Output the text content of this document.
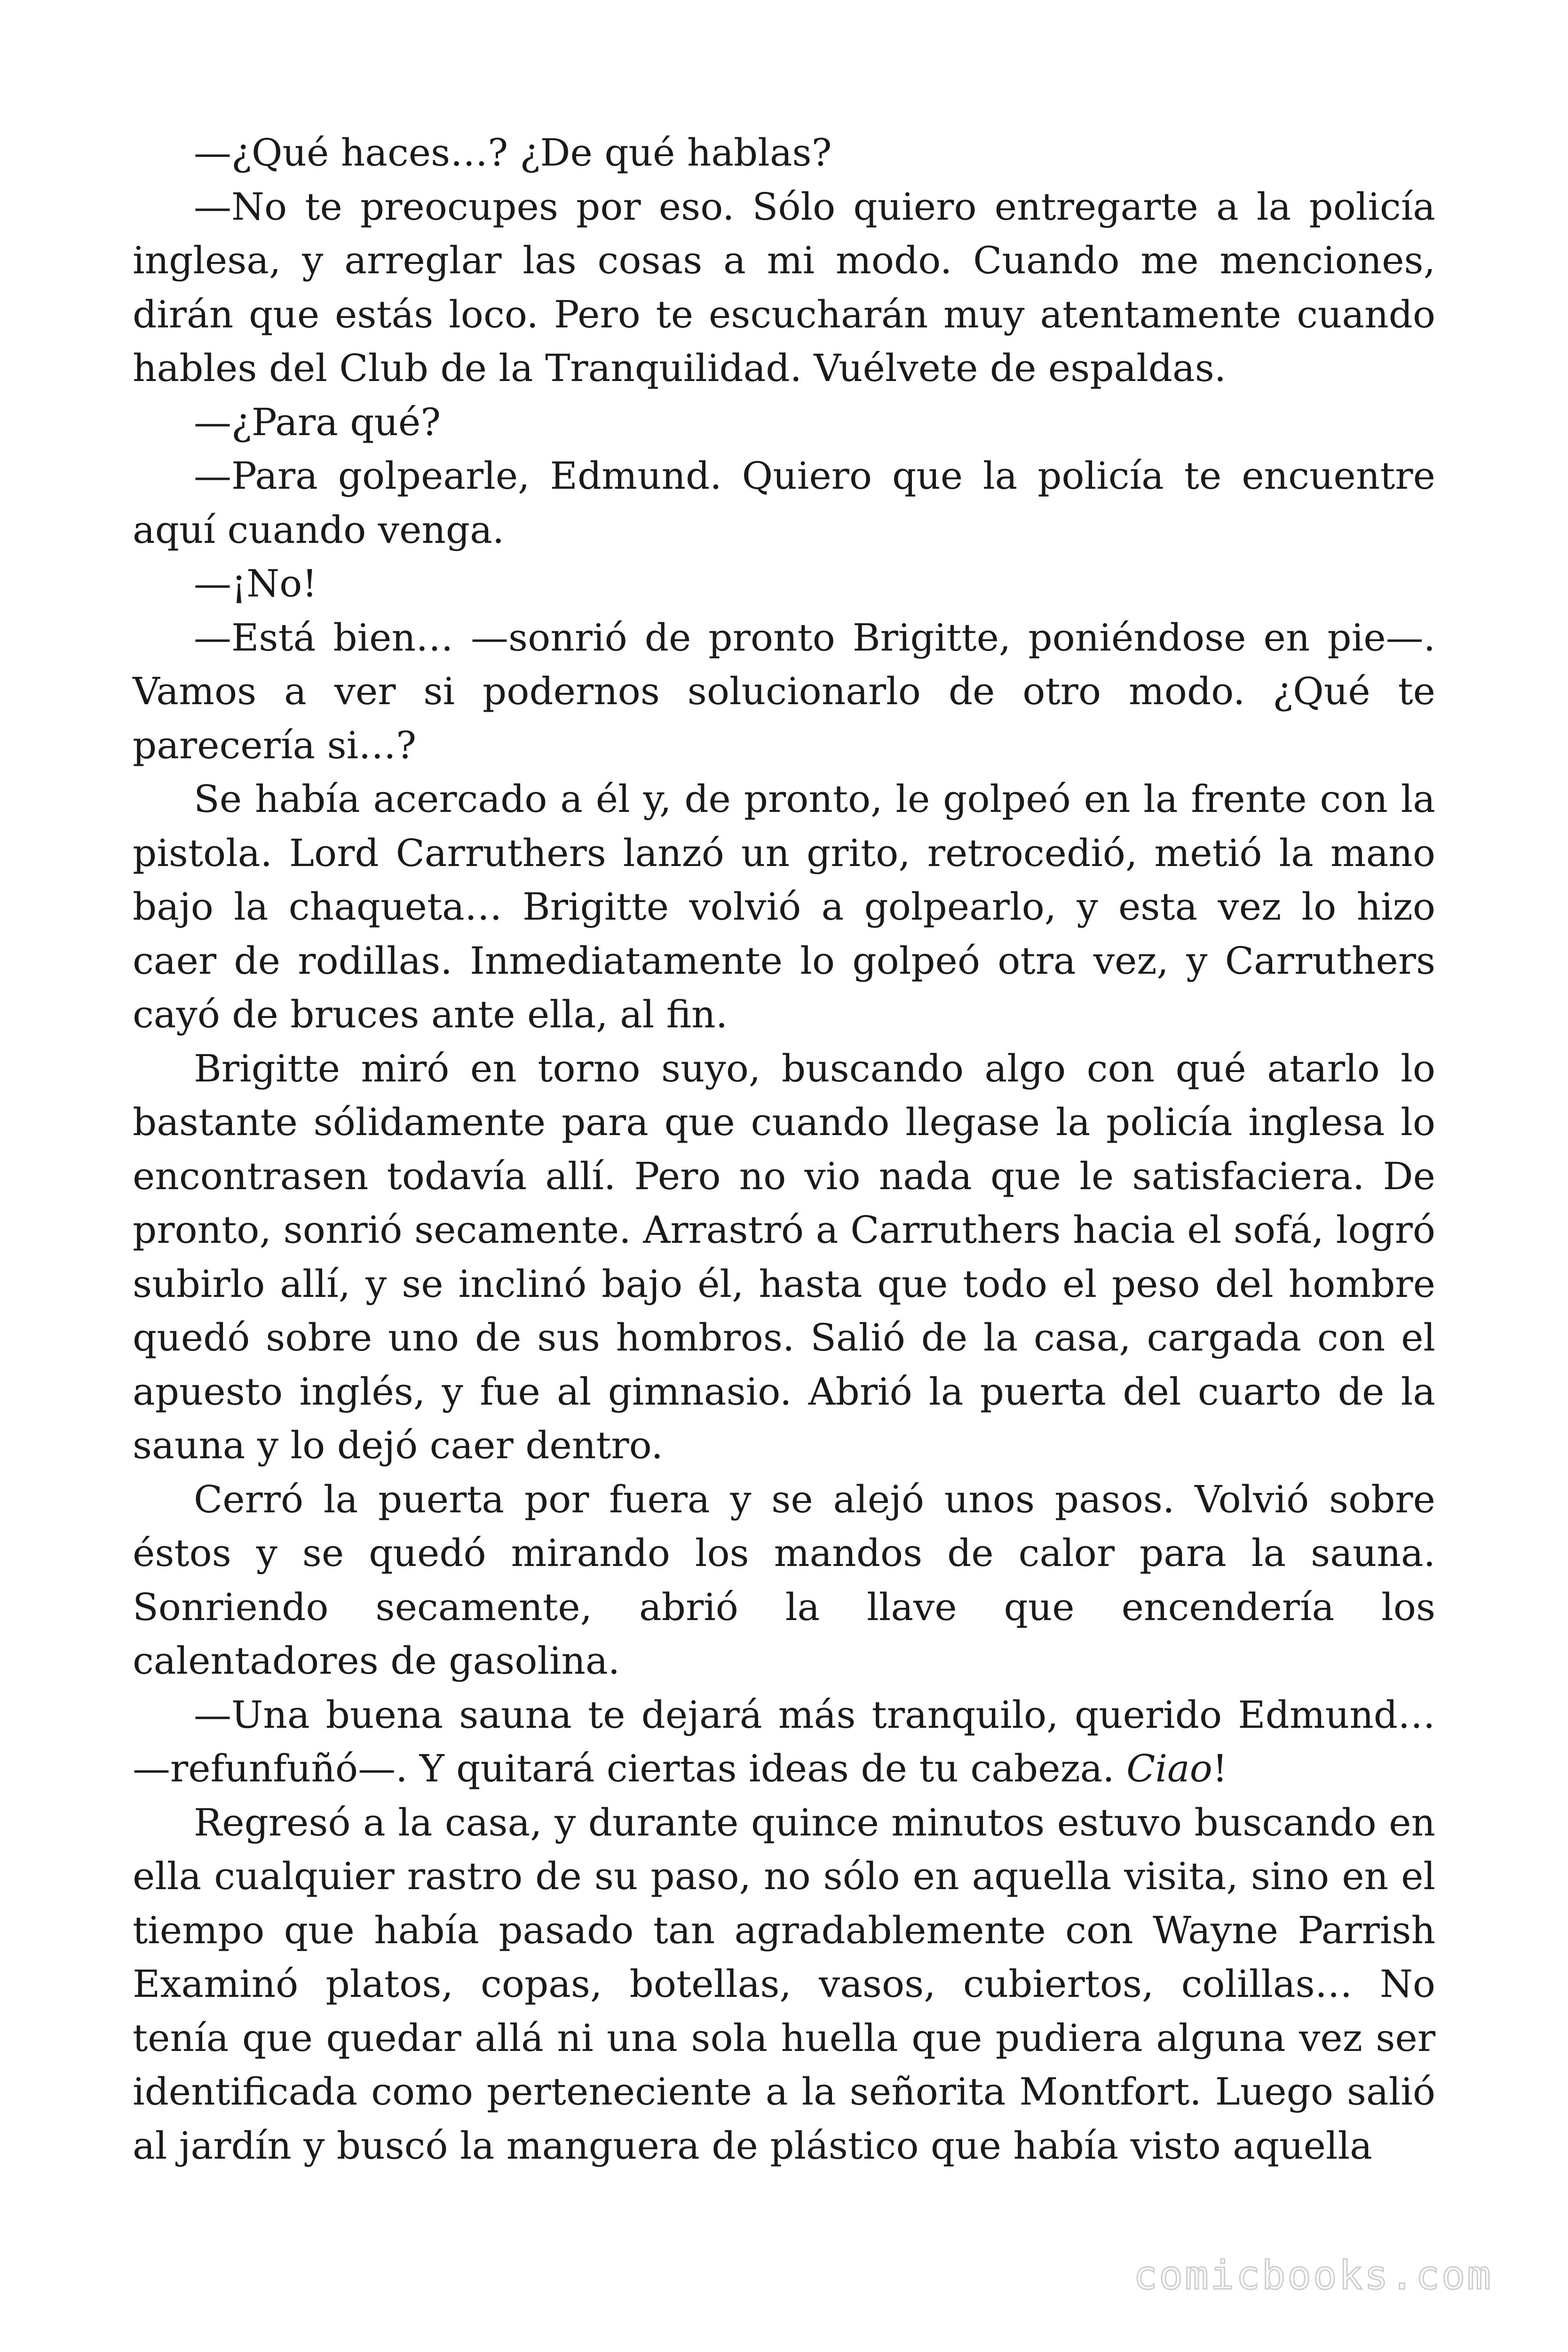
—¿Qué haces…? ¿De qué hablas?

—No te preocupes por eso. Sólo quiero entregarte a la policía inglesa, y arreglar las cosas a mi modo. Cuando me menciones, dirán que estás loco. Pero te escucharán muy atentamente cuando hables del Club de la Tranquilidad. Vuélvete de espaldas.

—¿Para qué?

—Para golpearle, Edmund. Quiero que la policía te encuentre aquí cuando venga.

—¡No!

—Está bien… —sonrió de pronto Brigitte, poniéndose en pie—. Vamos a ver si podernos solucionarlo de otro modo. ¿Qué te parecería si…?

Se había acercado a él y, de pronto, le golpeó en la frente con la pistola. Lord Carruthers lanzó un grito, retrocedió, metió la mano bajo la chaqueta… Brigitte volvió a golpearlo, y esta vez lo hizo caer de rodillas. Inmediatamente lo golpeó otra vez, y Carruthers cayó de bruces ante ella, al fin.

Brigitte miró en torno suyo, buscando algo con qué atarlo lo bastante sólidamente para que cuando llegase la policía inglesa lo encontrasen todavía allí. Pero no vio nada que le satisfaciera. De pronto, sonrió secamente. Arrastró a Carruthers hacia el sofá, logró subirlo allí, y se inclinó bajo él, hasta que todo el peso del hombre quedó sobre uno de sus hombros. Salió de la casa, cargada con el apuesto inglés, y fue al gimnasio. Abrió la puerta del cuarto de la sauna y lo dejó caer dentro.

Cerró la puerta por fuera y se alejó unos pasos. Volvió sobre éstos y se quedó mirando los mandos de calor para la sauna. Sonriendo secamente, abrió la llave que encendería los calentadores de gasolina.

—Una buena sauna te dejará más tranquilo, querido Edmund… —refunfuñó—. Y quitará ciertas ideas de tu cabeza. Ciao!

Regresó a la casa, y durante quince minutos estuvo buscando en ella cualquier rastro de su paso, no sólo en aquella visita, sino en el tiempo que había pasado tan agradablemente con Wayne Parrish Examinó platos, copas, botellas, vasos, cubiertos, colillas… No tenía que quedar allá ni una sola huella que pudiera alguna vez ser identificada como perteneciente a la señorita Montfort. Luego salió al jardín y buscó la manguera de plástico que había visto aquella

comicbooks.com
